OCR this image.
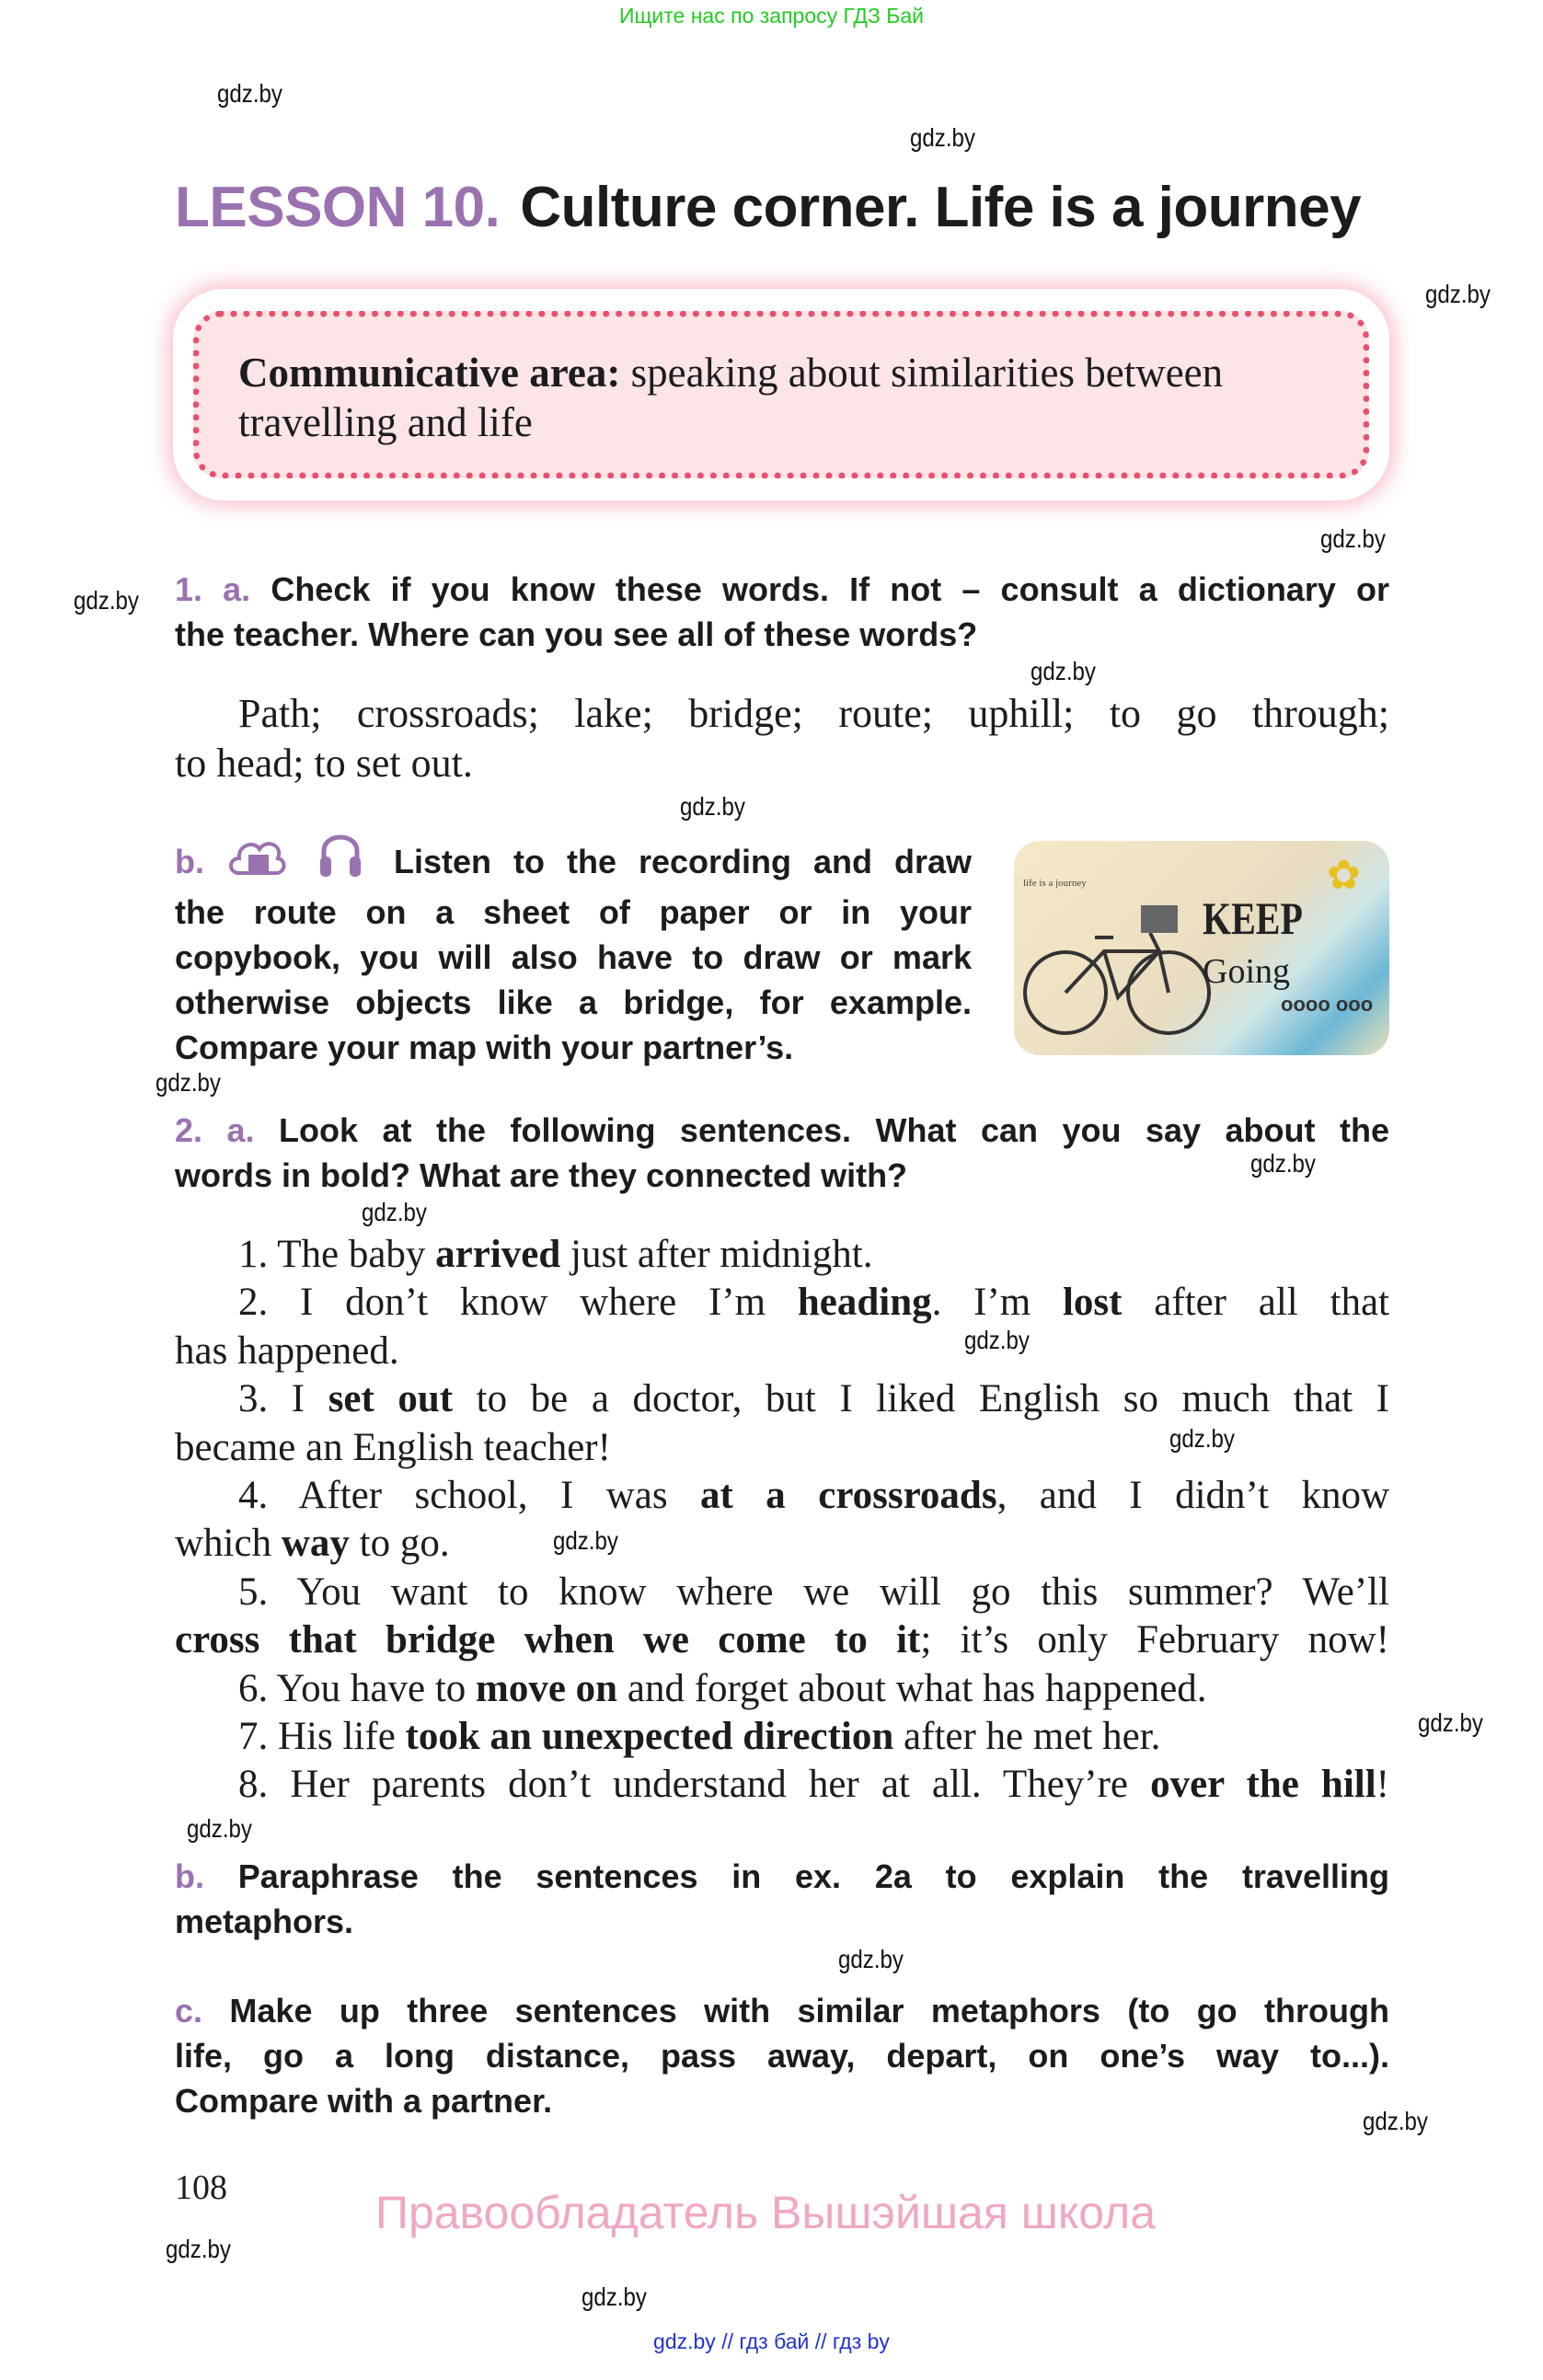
Ищите нас по запросу ГДЗ Бай
gdz.by
gdz.by
gdz.by
gdz.by
gdz.by
gdz.by
gdz.by
gdz.by
gdz.by
gdz.by
gdz.by
gdz.by
gdz.by
gdz.by
gdz.by
gdz.by
gdz.by
gdz.by
gdz.by
LESSON 10. Culture corner. Life is a journey
Communicative area: speaking about similarities between
travelling and life
1. a. Check if you know these words. If not – consult a dictionary or
the teacher. Where can you see all of these words?
Path; crossroads; lake; bridge; route; uphill; to go through;
to head; to set out.
b.	Listen to the recording and draw
the route on a sheet of paper or in your
copybook, you will also have to draw or mark
otherwise objects like a bridge, for example.
Compare your map with your partner’s.
life is a journey
KEEP
Going
oooo ooo
✿
2. a. Look at the following sentences. What can you say about the
words in bold? What are they connected with?
1. The baby arrived just after midnight.
2. I don’t know where I’m heading. I’m lost after all that
has happened.
3. I set out to be a doctor, but I liked English so much that I
became an English teacher!
4. After school, I was at a crossroads, and I didn’t know
which way to go.
5. You want to know where we will go this summer? We’ll
cross that bridge when we come to it; it’s only February now!
6. You have to move on and forget about what has happened.
7. His life took an unexpected direction after he met her.
8. Her parents don’t understand her at all. They’re over the hill!
b. Paraphrase the sentences in ex. 2a to explain the travelling
metaphors.
c. Make up three sentences with similar metaphors (to go through
life, go a long distance, pass away, depart, on one’s way to...).
Compare with a partner.
108	Правообладатель Вышэйшая школа
gdz.by // гдз бай // гдз by
